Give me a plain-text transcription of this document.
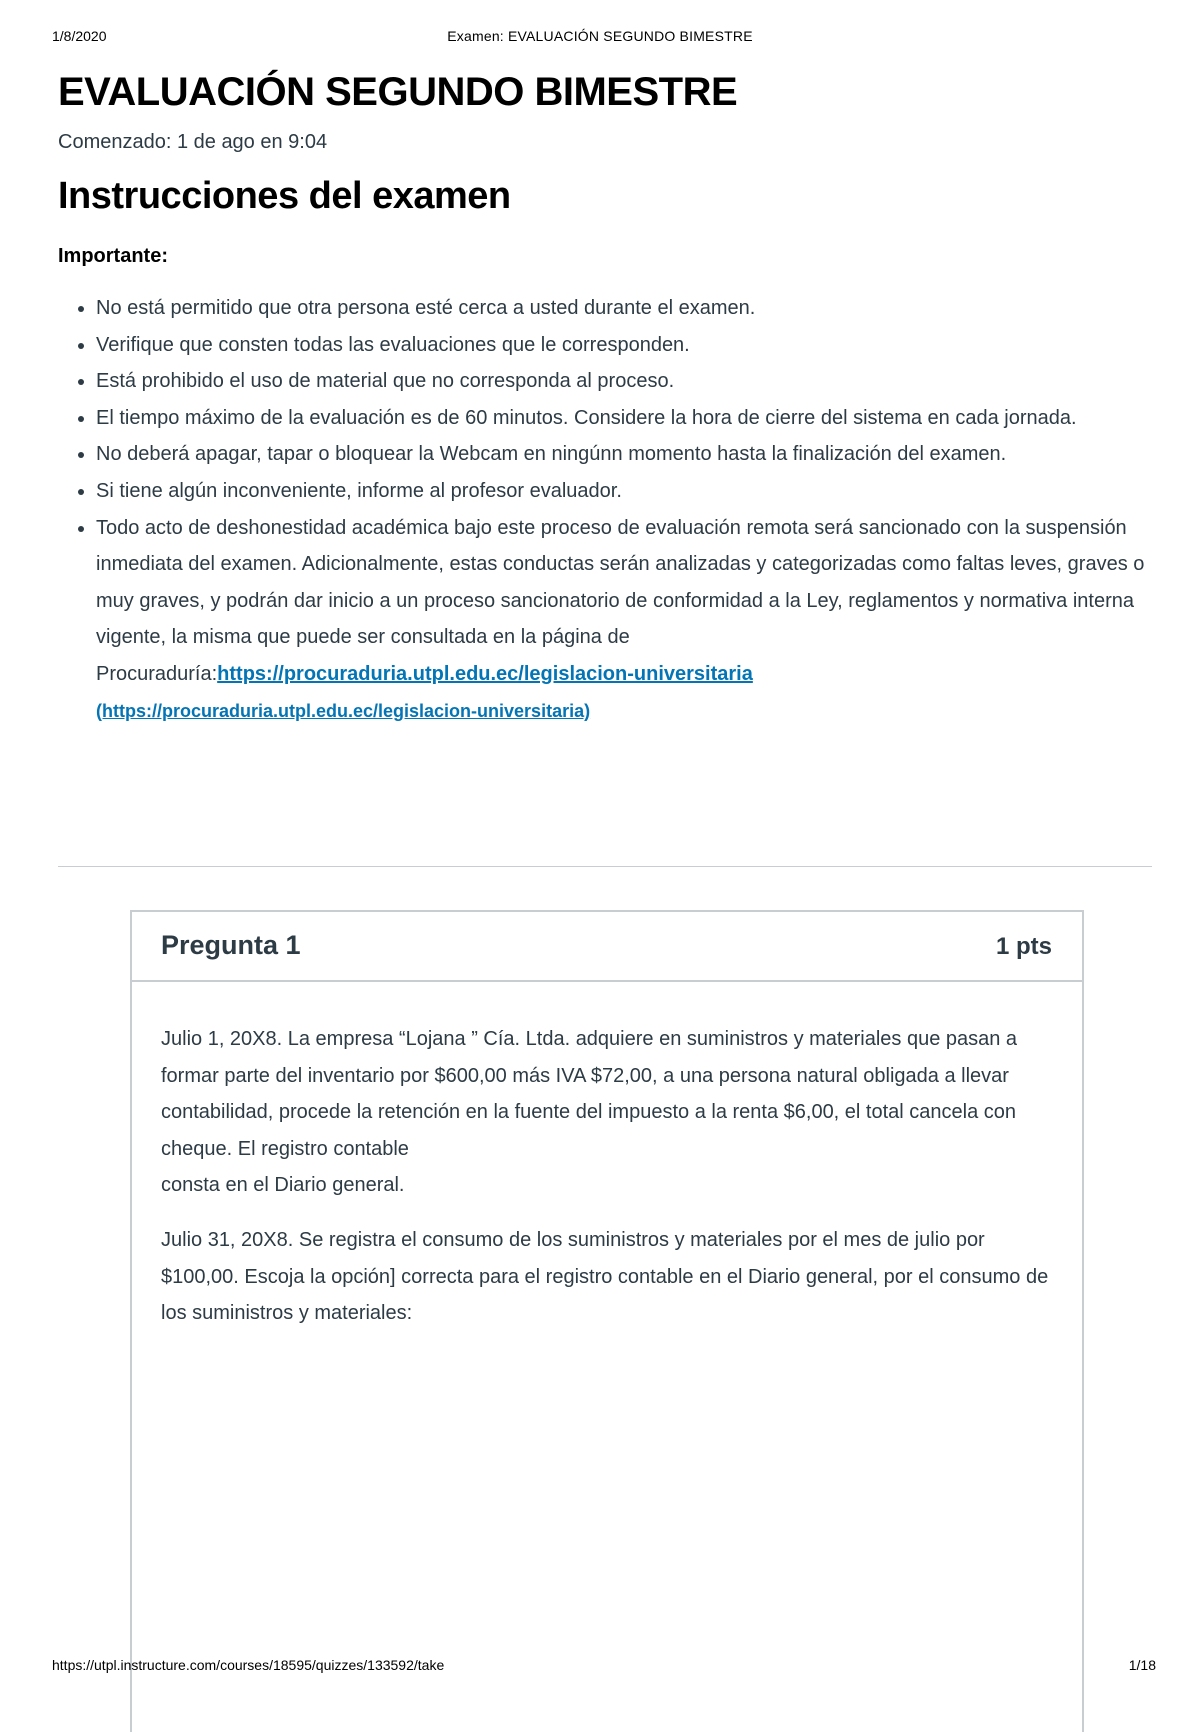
1/8/2020	Examen: EVALUACIÓN SEGUNDO BIMESTRE
EVALUACIÓN SEGUNDO BIMESTRE
Comenzado: 1 de ago en 9:04
Instrucciones del examen
Importante:
• No está permitido que otra persona esté cerca a usted durante el examen.
• Verifique que consten todas las evaluaciones que le corresponden.
• Está prohibido el uso de material que no corresponda al proceso.
• El tiempo máximo de la evaluación es de 60 minutos. Considere la hora de cierre del sistema en cada jornada.
• No deberá apagar, tapar o bloquear la Webcam en ningúnn momento hasta la finalización del examen.
• Si tiene algún inconveniente, informe al profesor evaluador.
• Todo acto de deshonestidad académica bajo este proceso de evaluación remota será sancionado con la suspensión inmediata del examen. Adicionalmente, estas conductas serán analizadas y categorizadas como faltas leves, graves o muy graves, y podrán dar inicio a un proceso sancionatorio de conformidad a la Ley, reglamentos y normativa interna vigente, la misma que puede ser consultada en la página de Procuraduría:https://procuraduria.utpl.edu.ec/legislacion-universitaria
(https://procuraduria.utpl.edu.ec/legislacion-universitaria)
Pregunta 1	1 pts

Julio 1, 20X8. La empresa “Lojana ” Cía. Ltda. adquiere en suministros y materiales que pasan a formar parte del inventario por $600,00 más IVA $72,00, a una persona natural obligada a llevar contabilidad, procede la retención en la fuente del impuesto a la renta $6,00, el total cancela con cheque. El registro contable
consta en el Diario general.

Julio 31, 20X8. Se registra el consumo de los suministros y materiales por el mes de julio por $100,00. Escoja la opción] correcta para el registro contable en el Diario general, por el consumo de los suministros y materiales:

https://utpl.instructure.com/courses/18595/quizzes/133592/take	1/18
